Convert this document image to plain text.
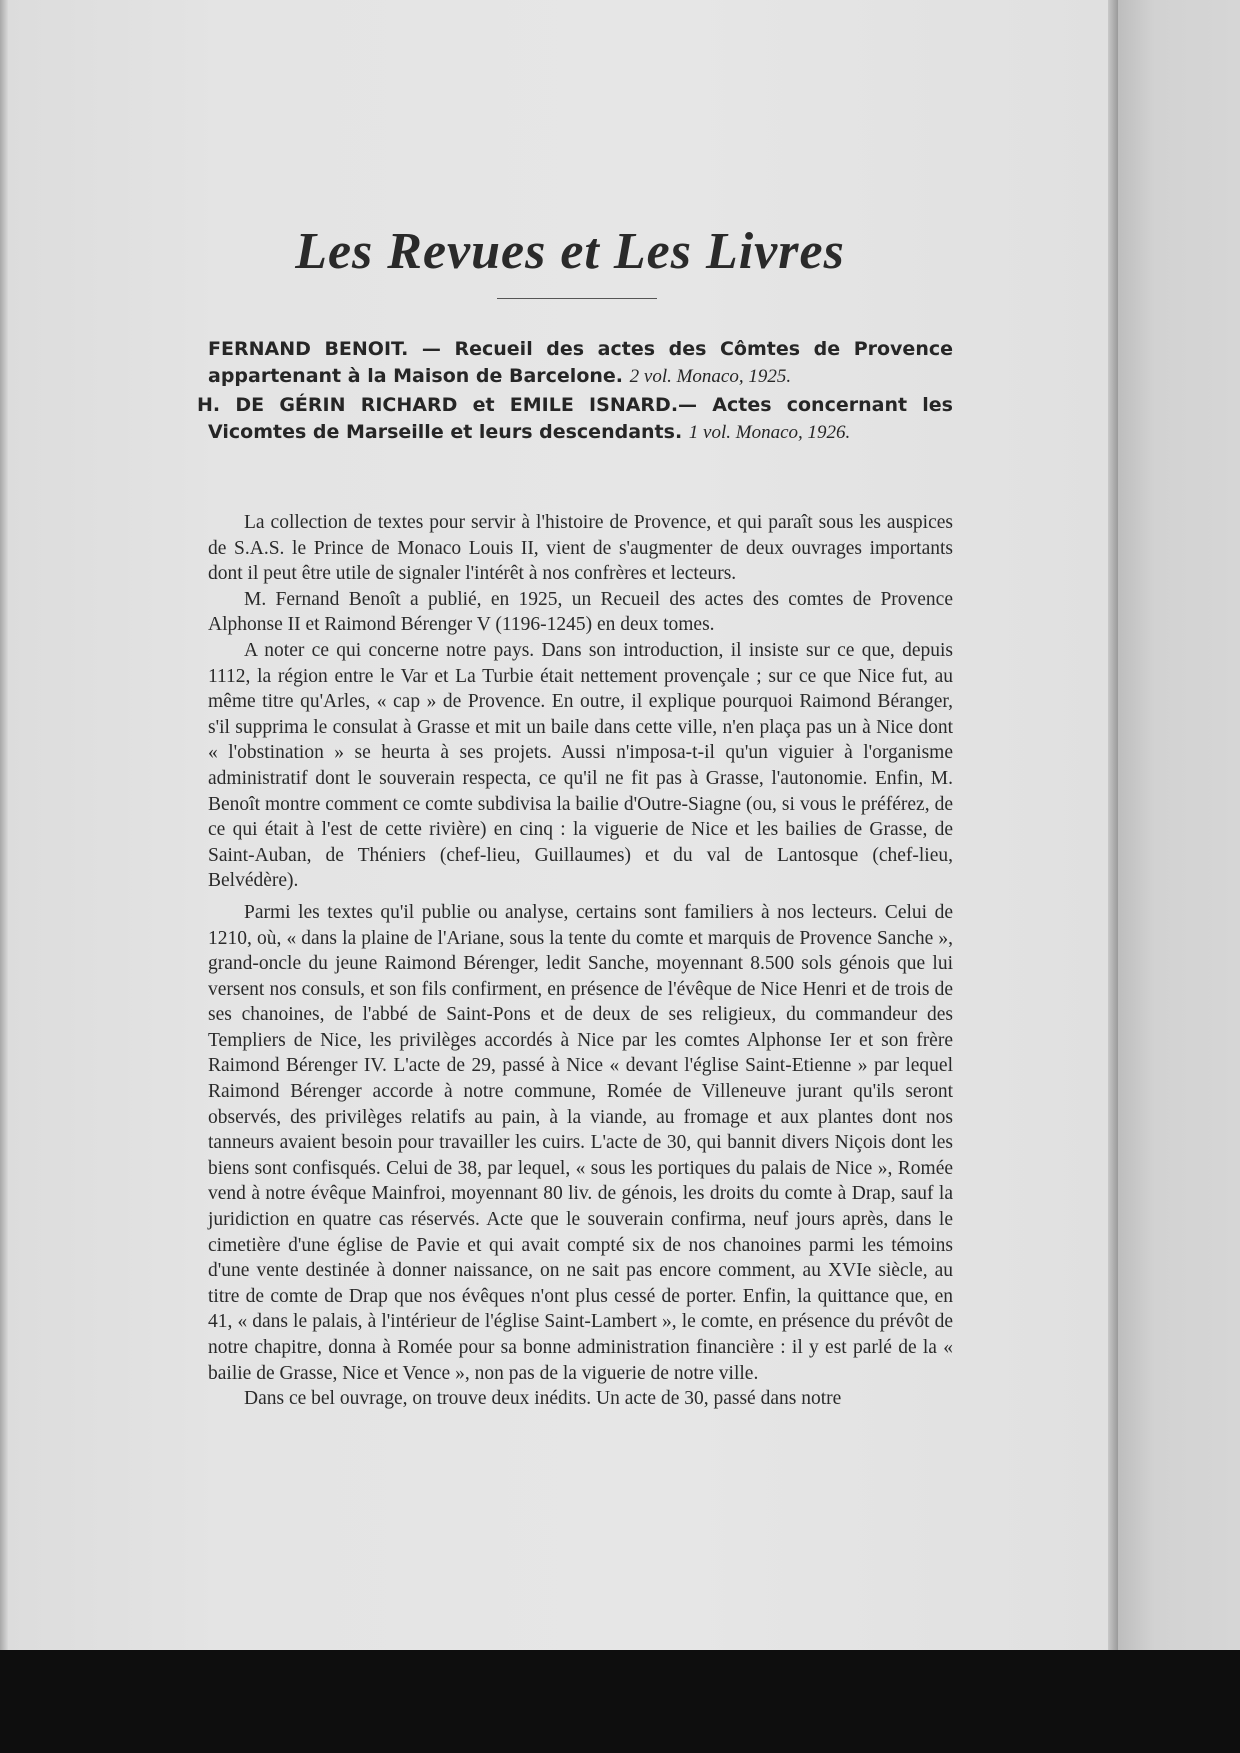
Les Revues et Les Livres

FERNAND BENOIT. — Recueil des actes des Cômtes de Provence appartenant à la Maison de Barcelone. 2 vol. Monaco, 1925.

H. DE GÉRIN RICHARD et EMILE ISNARD.— Actes concernant les Vicomtes de Marseille et leurs descendants. 1 vol. Monaco, 1926.

La collection de textes pour servir à l'histoire de Provence, et qui paraît sous les auspices de S.A.S. le Prince de Monaco Louis II, vient de s'augmenter de deux ouvrages importants dont il peut être utile de signaler l'intérêt à nos confrères et lecteurs.

M. Fernand Benoît a publié, en 1925, un Recueil des actes des comtes de Provence Alphonse II et Raimond Bérenger V (1196-1245) en deux tomes.

A noter ce qui concerne notre pays. Dans son introduction, il insiste sur ce que, depuis 1112, la région entre le Var et La Turbie était nettement provençale ; sur ce que Nice fut, au même titre qu'Arles, « cap » de Provence. En outre, il explique pourquoi Raimond Béranger, s'il supprima le consulat à Grasse et mit un baile dans cette ville, n'en plaça pas un à Nice dont « l'obstination » se heurta à ses projets. Aussi n'imposa-t-il qu'un viguier à l'organisme administratif dont le souverain respecta, ce qu'il ne fit pas à Grasse, l'autonomie. Enfin, M. Benoît montre comment ce comte subdivisa la bailie d'Outre-Siagne (ou, si vous le préférez, de ce qui était à l'est de cette rivière) en cinq : la viguerie de Nice et les bailies de Grasse, de Saint-Auban, de Théniers (chef-lieu, Guillaumes) et du val de Lantosque (chef-lieu, Belvédère).

Parmi les textes qu'il publie ou analyse, certains sont familiers à nos lecteurs. Celui de 1210, où, « dans la plaine de l'Ariane, sous la tente du comte et marquis de Provence Sanche », grand-oncle du jeune Raimond Bérenger, ledit Sanche, moyennant 8.500 sols génois que lui versent nos consuls, et son fils confirment, en présence de l'évêque de Nice Henri et de trois de ses chanoines, de l'abbé de Saint-Pons et de deux de ses religieux, du commandeur des Templiers de Nice, les privilèges accordés à Nice par les comtes Alphonse Ier et son frère Raimond Bérenger IV. L'acte de 29, passé à Nice « devant l'église Saint-Etienne » par lequel Raimond Bérenger accorde à notre commune, Romée de Villeneuve jurant qu'ils seront observés, des privilèges relatifs au pain, à la viande, au fromage et aux plantes dont nos tanneurs avaient besoin pour travailler les cuirs. L'acte de 30, qui bannit divers Niçois dont les biens sont confisqués. Celui de 38, par lequel, « sous les portiques du palais de Nice », Romée vend à notre évêque Mainfroi, moyennant 80 liv. de génois, les droits du comte à Drap, sauf la juridiction en quatre cas réservés. Acte que le souverain confirma, neuf jours après, dans le cimetière d'une église de Pavie et qui avait compté six de nos chanoines parmi les témoins d'une vente destinée à donner naissance, on ne sait pas encore comment, au XVIe siècle, au titre de comte de Drap que nos évêques n'ont plus cessé de porter. Enfin, la quittance que, en 41, « dans le palais, à l'intérieur de l'église Saint-Lambert », le comte, en présence du prévôt de notre chapitre, donna à Romée pour sa bonne administration financière : il y est parlé de la « bailie de Grasse, Nice et Vence », non pas de la viguerie de notre ville.

Dans ce bel ouvrage, on trouve deux inédits. Un acte de 30, passé dans notre
